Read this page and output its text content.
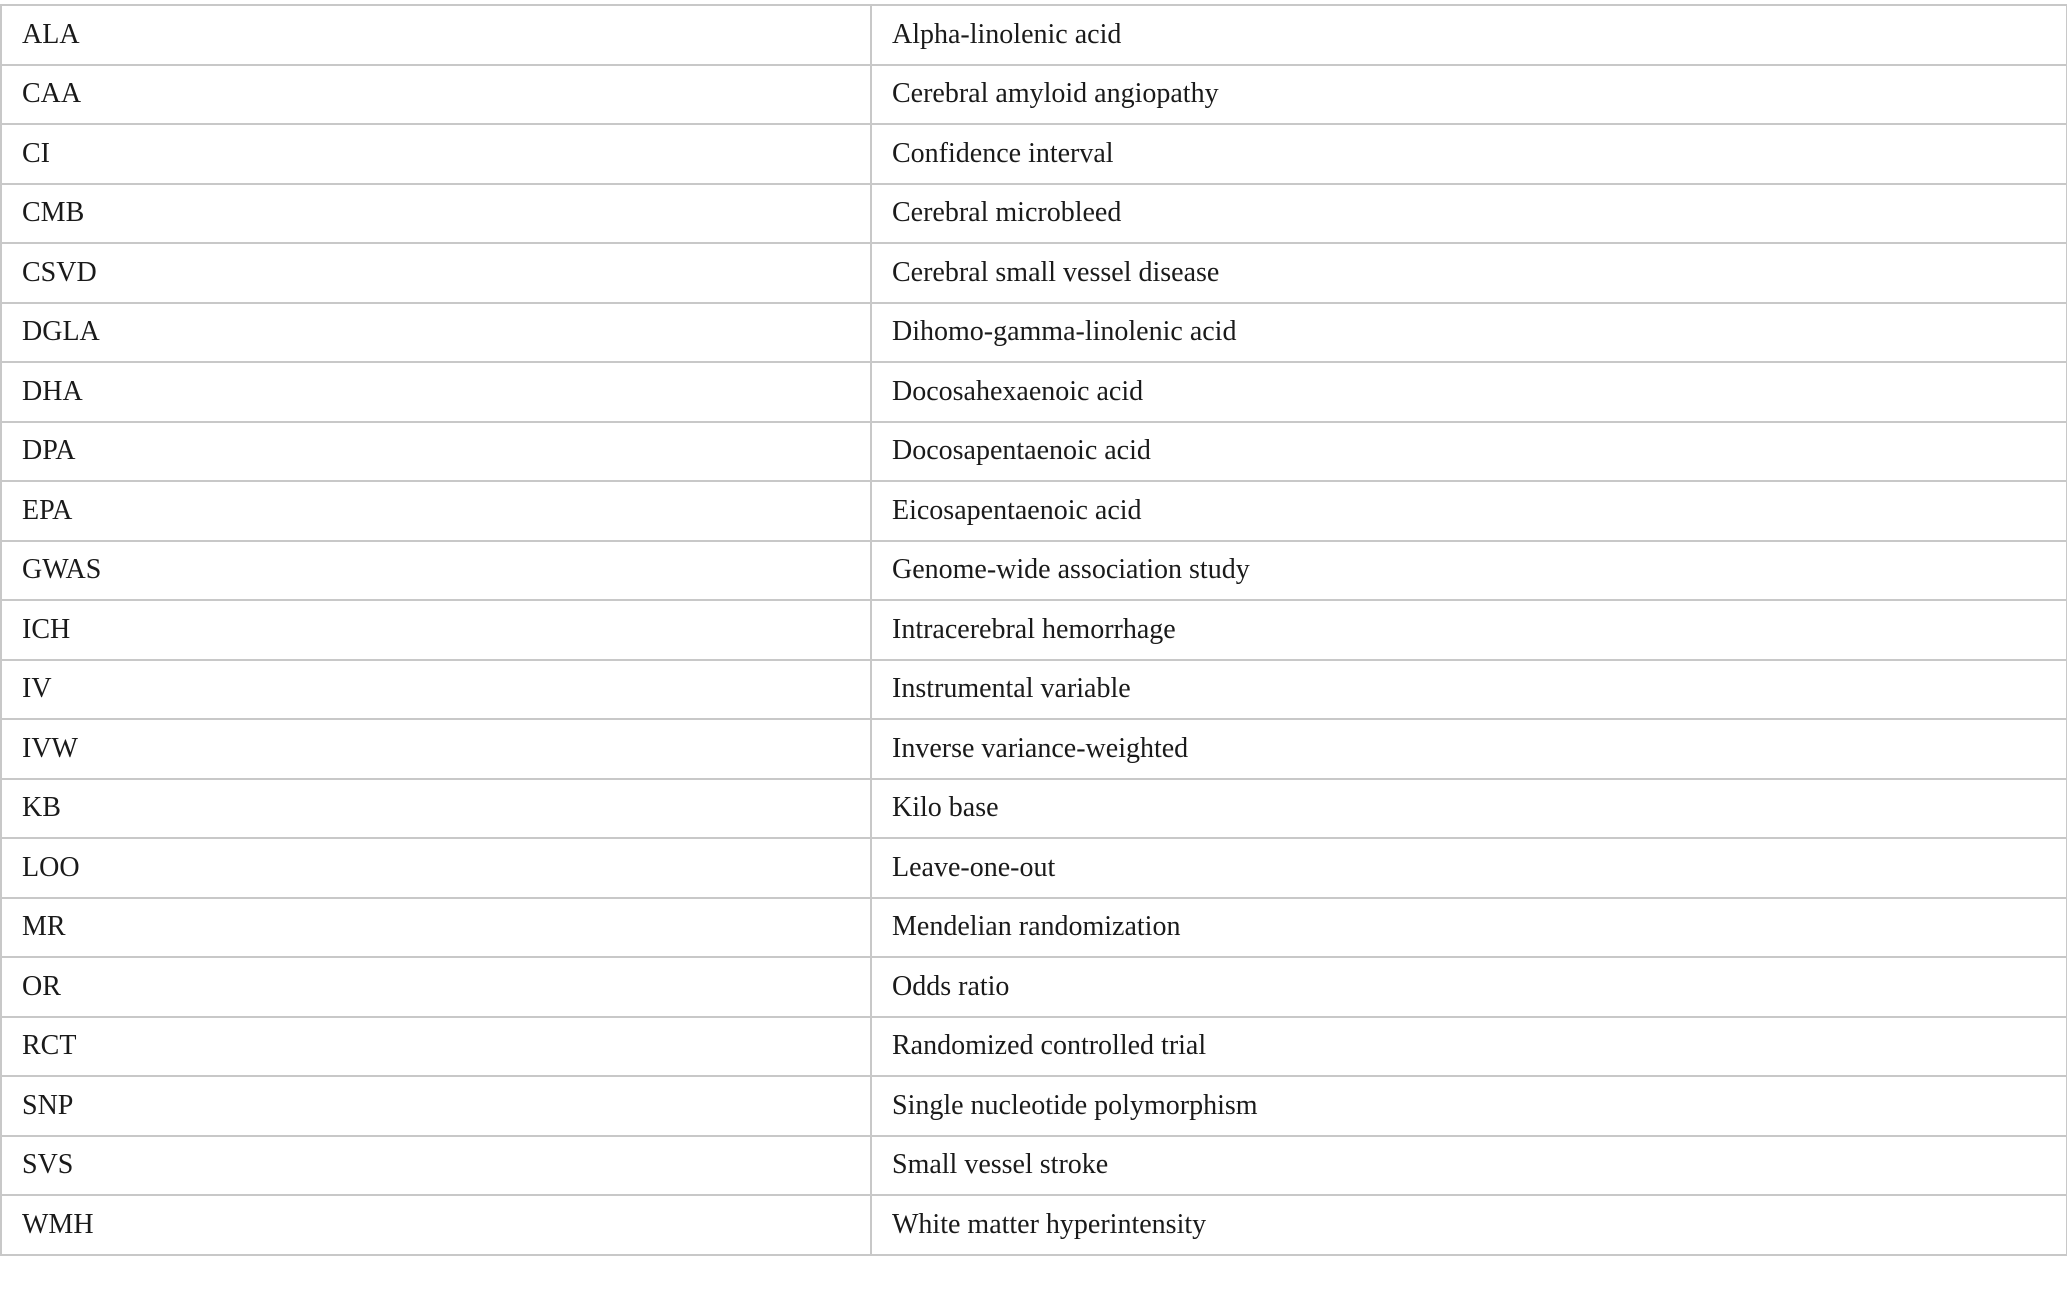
ALA	Alpha-linolenic acid
CAA	Cerebral amyloid angiopathy
CI	Confidence interval
CMB	Cerebral microbleed
CSVD	Cerebral small vessel disease
DGLA	Dihomo-gamma-linolenic acid
DHA	Docosahexaenoic acid
DPA	Docosapentaenoic acid
EPA	Eicosapentaenoic acid
GWAS	Genome-wide association study
ICH	Intracerebral hemorrhage
IV	Instrumental variable
IVW	Inverse variance-weighted
KB	Kilo base
LOO	Leave-one-out
MR	Mendelian randomization
OR	Odds ratio
RCT	Randomized controlled trial
SNP	Single nucleotide polymorphism
SVS	Small vessel stroke
WMH	White matter hyperintensity
